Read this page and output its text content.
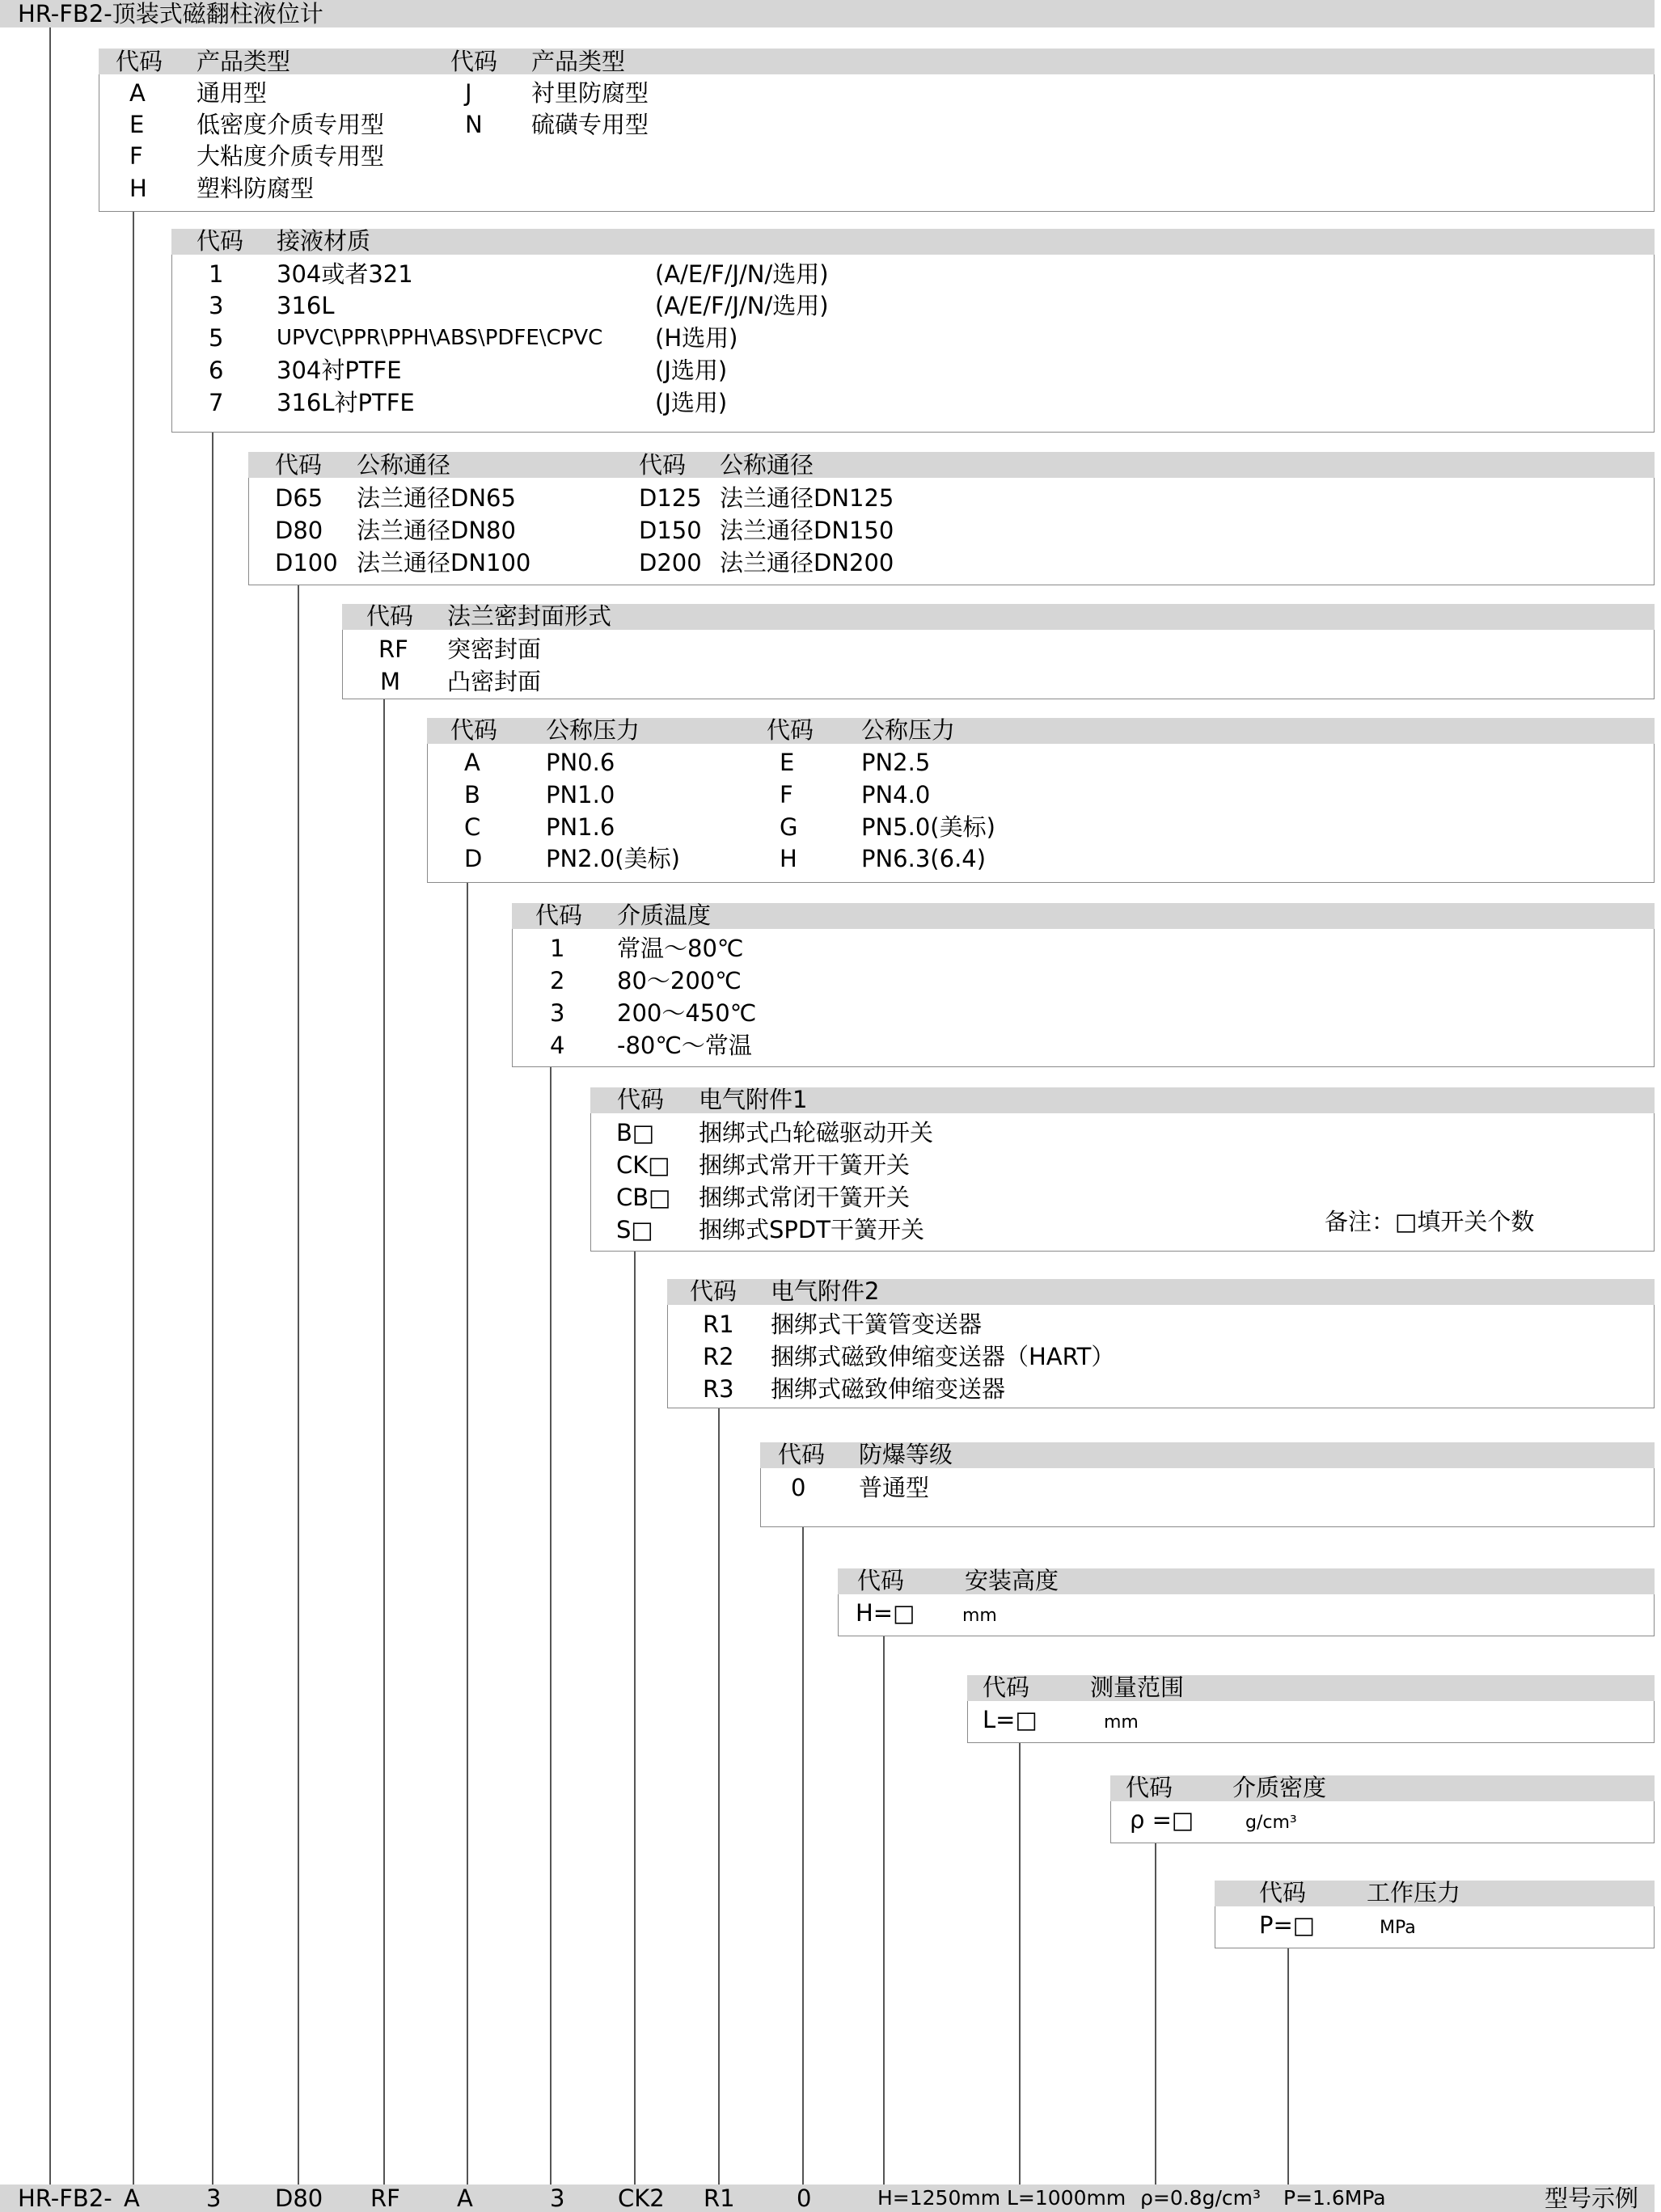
HR-FB2-顶装式磁翻柱液位计
代码 产品类型	代码 产品类型
A 通用型	J	衬里防腐型
E 低密度介质专用型	N 硫磺专用型
F 大粘度介质专用型
H 塑料防腐型
代码 接液材质
1 304或者321	(A/E/F/J/N/选用)
3 316L	(A/E/F/J/N/选用)
5	UPVC\PPR\PPH\ABS\PDFE\CPVC (H选用)
6 304衬PTFE	(J选用)
7 316L衬PTFE	(J选用)
代码 公称通径	代码 公称通径
D65 法兰通径DN65	D125 法兰通径DN125
D80 法兰通径DN80	D150 法兰通径DN150
D100 法兰通径DN100	D200 法兰通径DN200
代码 法兰密封面形式
RF 突密封面
M 凸密封面
代码 公称压力	代码 公称压力
A	PN0.6	E	PN2.5
B	PN1.0	F	PN4.0
C	PN1.6	G	PN5.0(美标)
D	PN2.0(美标)	H	PN6.3(6.4)
代码 介质温度
1 常温～80℃
2 80～200℃
3 200～450℃
4 -80℃～常温
代码 电气附件1
B□ 捆绑式凸轮磁驱动开关
CK□ 捆绑式常开干簧开关
CB□ 捆绑式常闭干簧开关
S□ 捆绑式SPDT干簧开关	备注：□填开关个数
代码 电气附件2
R1 捆绑式干簧管变送器
R2 捆绑式磁致伸缩变送器（HART）
R3 捆绑式磁致伸缩变送器
代码 防爆等级
0 普通型
代码	安装高度
H=□	mm
代码	测量范围
L=□	mm
代码	介质密度
ρ =□	g/cm³
代码	工作压力
P=□	MPa
HR-FB2- A	3 D80 RF A	3 CK2 R1	0	H=1250mm L=1000mm ρ=0.8g/cm³ P=1.6MPa	型号示例
